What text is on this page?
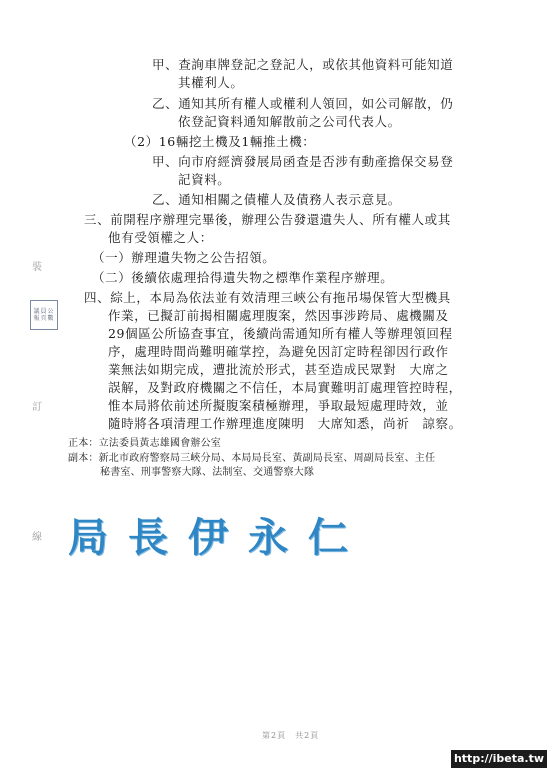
裝
議員公報頁數
訂
線
甲、查詢車牌登記之登記人，或依其他資料可能知道
其權利人。
乙、通知其所有權人或權利人領回，如公司解散，仍
依登記資料通知解散前之公司代表人。
（2）16輛挖土機及1輛推土機：
甲、向市府經濟發展局函查是否涉有動產擔保交易登
記資料。
乙、通知相關之債權人及債務人表示意見。
三、前開程序辦理完畢後，辦理公告發還遺失人、所有權人或其
他有受領權之人：
（一）辦理遺失物之公告招領。
（二）後續依處理拾得遺失物之標準作業程序辦理。
四、綜上，本局為依法並有效清理三峽公有拖吊場保管大型機具
作業，已擬訂前揭相關處理腹案，然因事涉跨局、處機關及
29個區公所協查事宜，後續尚需通知所有權人等辦理領回程
序，處理時間尚難明確掌控，為避免因訂定時程卻因行政作
業無法如期完成，遭批流於形式，甚至造成民眾對　大席之
誤解，及對政府機關之不信任，本局實難明訂處理管控時程，
惟本局將依前述所擬腹案積極辦理，爭取最短處理時效，並
隨時將各項清理工作辦理進度陳明　大席知悉，尚祈　諒察。
正本：立法委員黃志雄國會辦公室
副本：新北市政府警察局三峽分局、本局局長室、黃副局長室、周副局長室、主任
秘書室、刑事警察大隊、法制室、交通警察大隊
局長伊永仁
第2頁　共2頁
http://ibeta.tw
